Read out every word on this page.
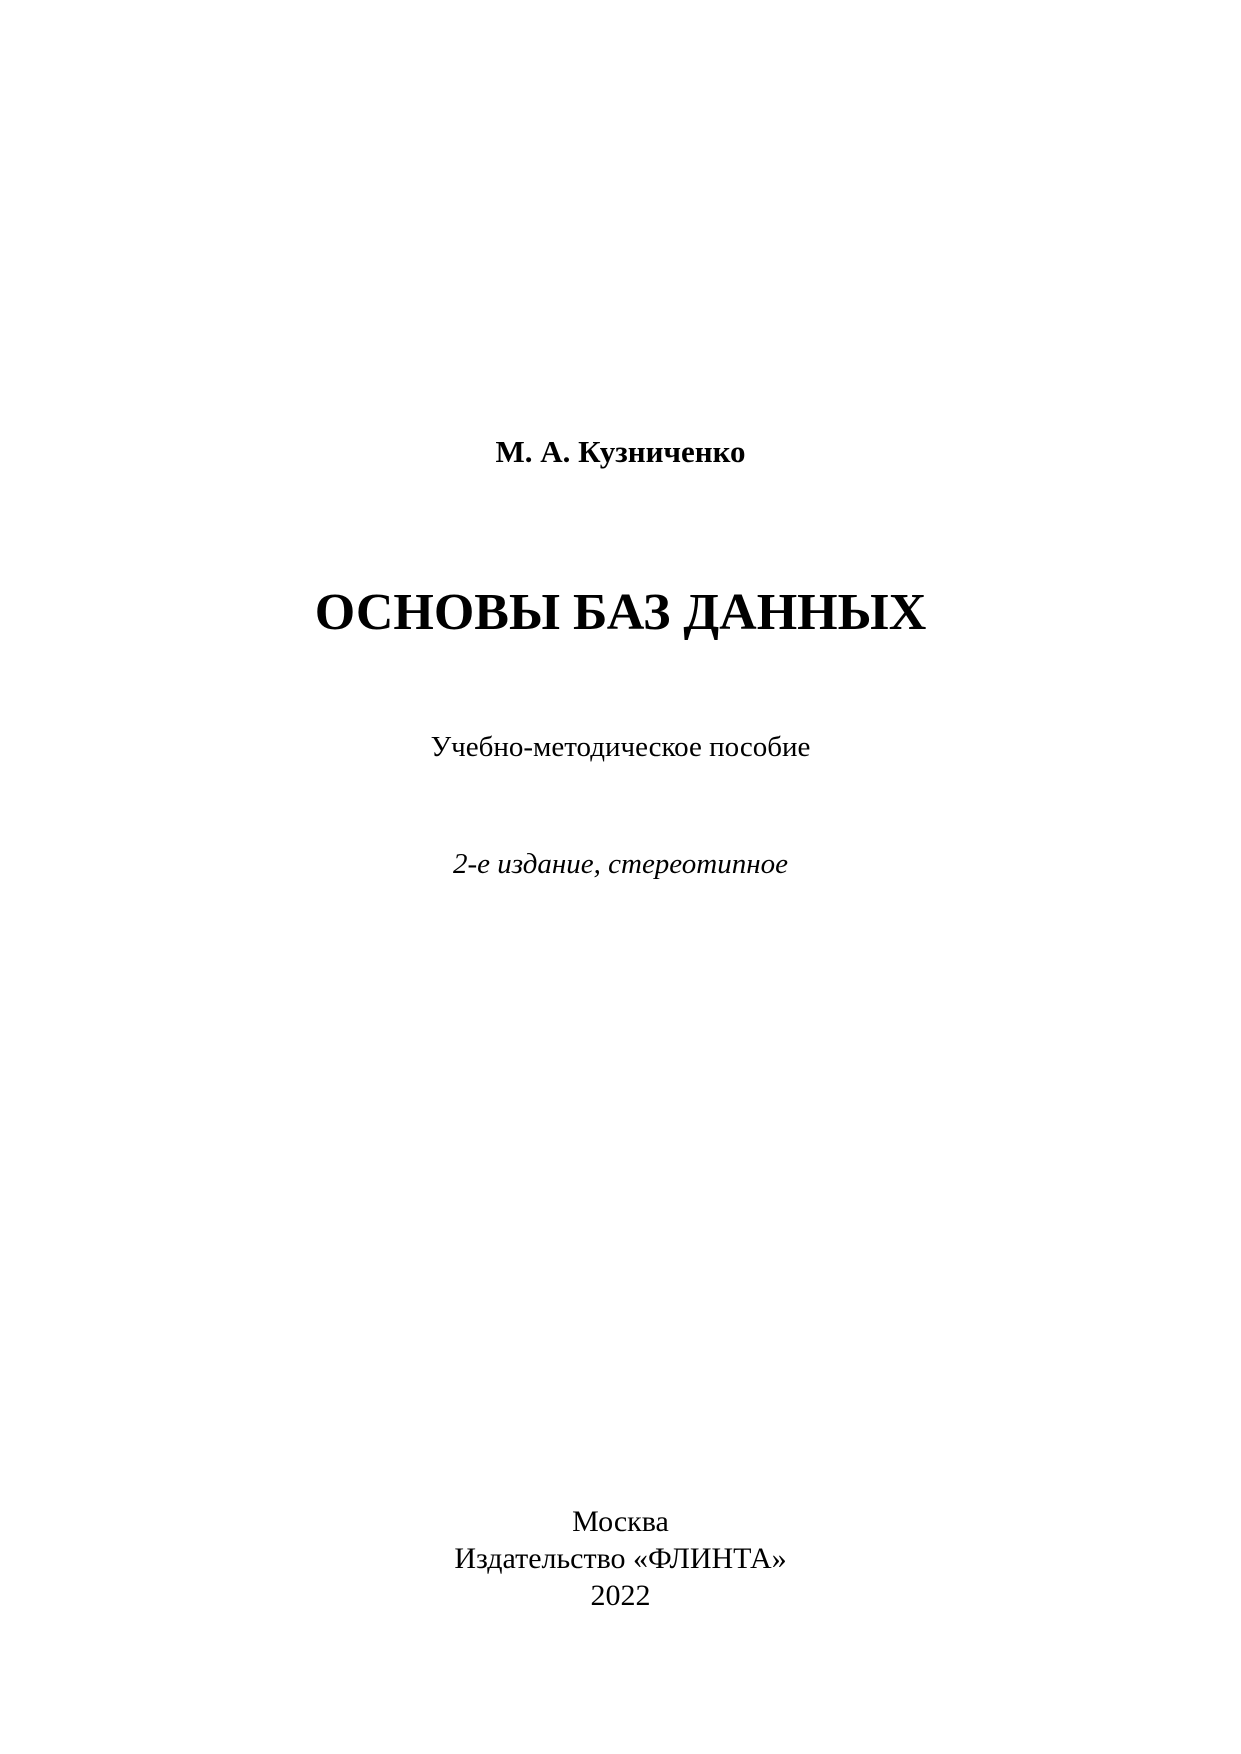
М. А. Кузниченко
ОСНОВЫ БАЗ ДАННЫХ
Учебно-методическое пособие
2-е издание, стереотипное
Москва
Издательство «ФЛИНТА»
2022
